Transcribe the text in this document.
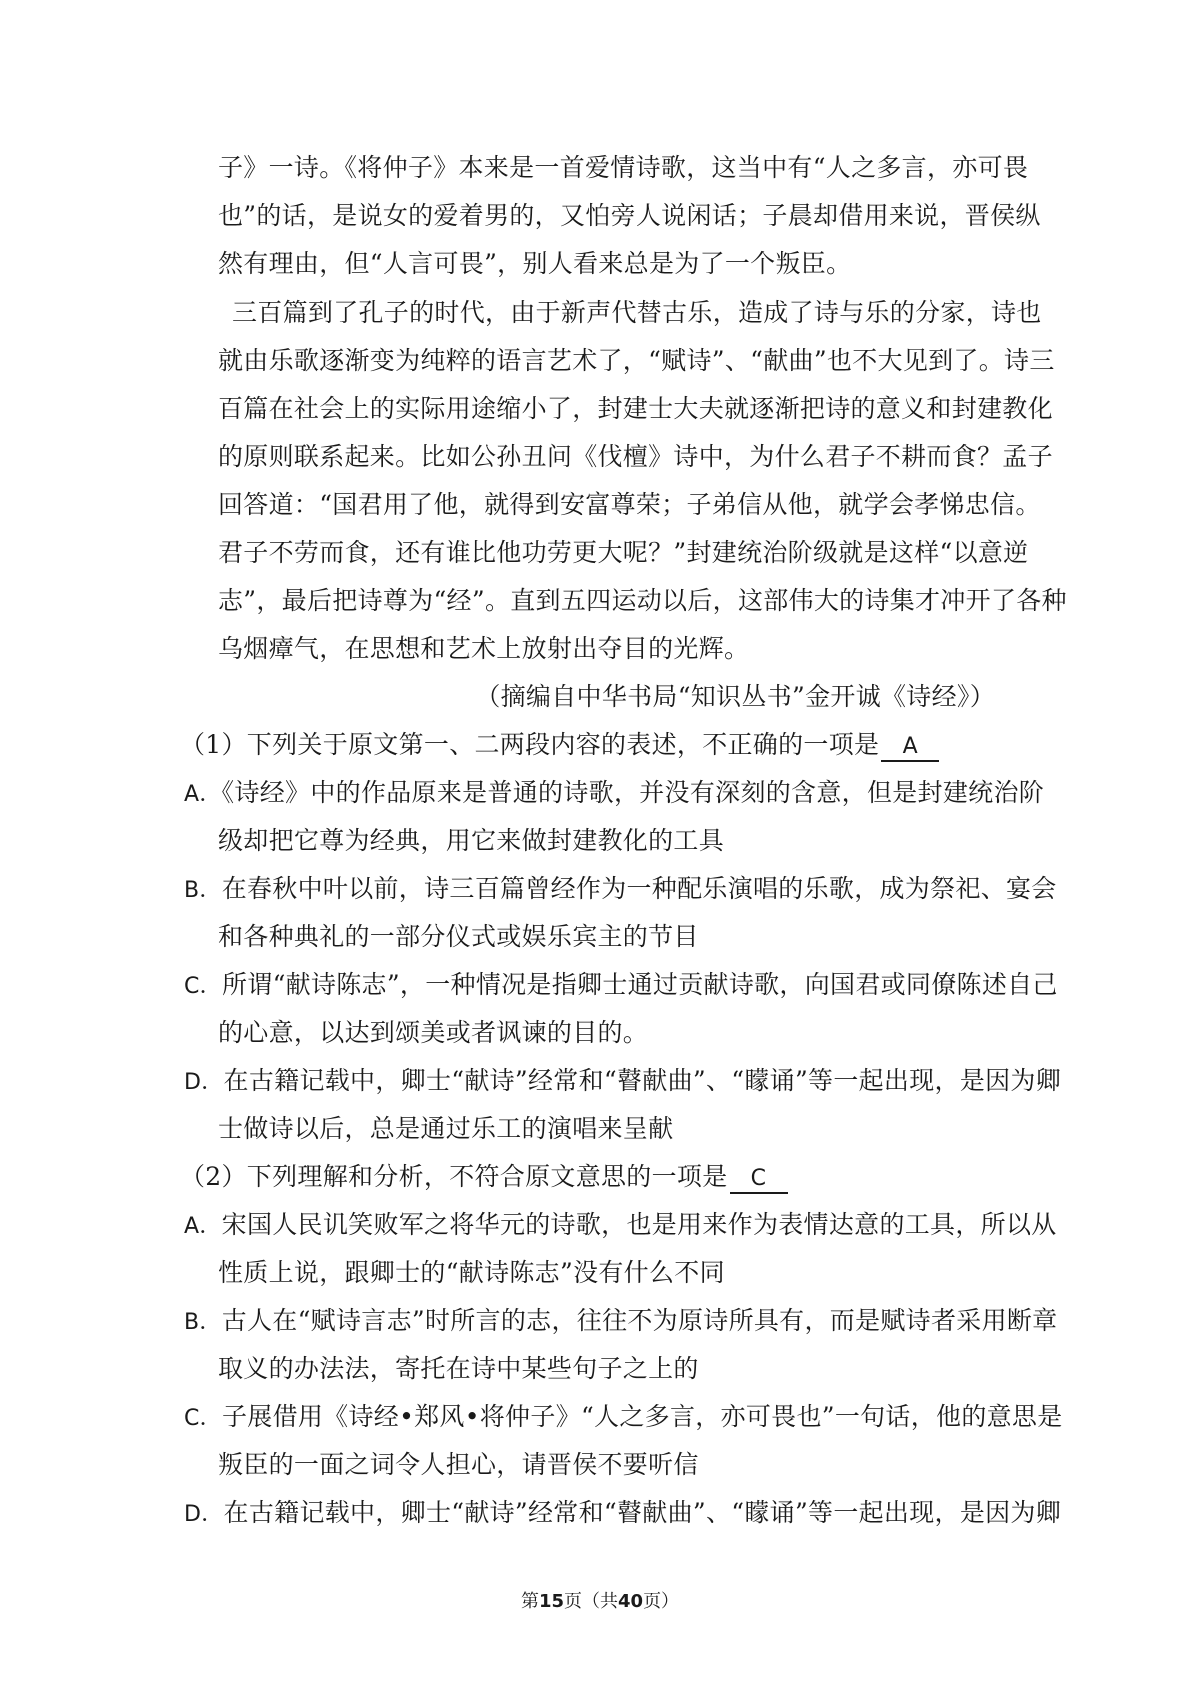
子》一诗。《将仲子》本来是一首爱情诗歌，这当中有“人之多言，亦可畏
也”的话，是说女的爱着男的，又怕旁人说闲话；子晨却借用来说，晋侯纵
然有理由，但“人言可畏”，别人看来总是为了一个叛臣。
三百篇到了孔子的时代，由于新声代替古乐，造成了诗与乐的分家，诗也
就由乐歌逐渐变为纯粹的语言艺术了，“赋诗”、“献曲”也不大见到了。诗三
百篇在社会上的实际用途缩小了，封建士大夫就逐渐把诗的意义和封建教化
的原则联系起来。比如公孙丑问《伐檀》诗中，为什么君子不耕而食？孟子
回答道：“国君用了他，就得到安富尊荣；子弟信从他，就学会孝悌忠信。
君子不劳而食，还有谁比他功劳更大呢？”封建统治阶级就是这样“以意逆
志”，最后把诗尊为“经”。直到五四运动以后，这部伟大的诗集才冲开了各种
乌烟瘴气，在思想和艺术上放射出夺目的光辉。
（摘编自中华书局“知识丛书”金开诚《诗经》）
（1）下列关于原文第一、二两段内容的表述，不正确的一项是 A
A．《诗经》中的作品原来是普通的诗歌，并没有深刻的含意，但是封建统治阶
级却把它尊为经典，用它来做封建教化的工具
B．在春秋中叶以前，诗三百篇曾经作为一种配乐演唱的乐歌，成为祭祀、宴会
和各种典礼的一部分仪式或娱乐宾主的节目
C．所谓“献诗陈志”，一种情况是指卿士通过贡献诗歌，向国君或同僚陈述自己
的心意，以达到颂美或者讽谏的目的。
D．在古籍记载中，卿士“献诗”经常和“瞽献曲”、“矇诵”等一起出现，是因为卿
士做诗以后，总是通过乐工的演唱来呈献
（2）下列理解和分析，不符合原文意思的一项是 C
A．宋国人民讥笑败军之将华元的诗歌，也是用来作为表情达意的工具，所以从
性质上说，跟卿士的“献诗陈志”没有什么不同
B．古人在“赋诗言志”时所言的志，往往不为原诗所具有，而是赋诗者采用断章
取义的办法法，寄托在诗中某些句子之上的
C．子展借用《诗经•郑风•将仲子》“人之多言，亦可畏也”一句话，他的意思是
叛臣的一面之词令人担心，请晋侯不要听信
D．在古籍记载中，卿士“献诗”经常和“瞽献曲”、“矇诵”等一起出现，是因为卿
第15页（共40页）
